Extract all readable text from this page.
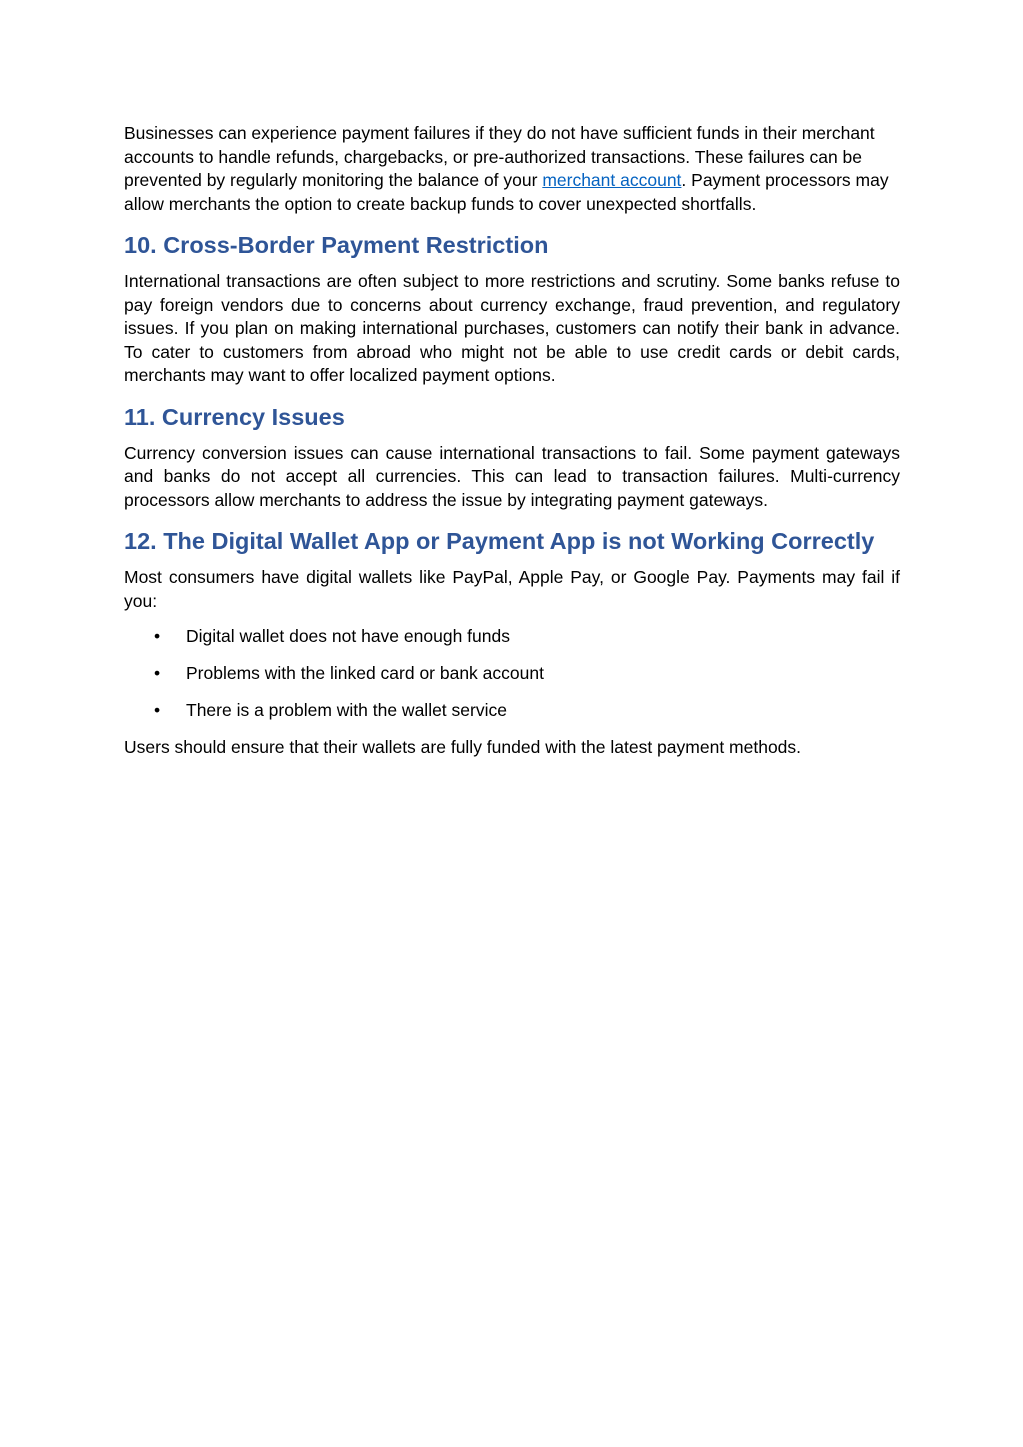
Businesses can experience payment failures if they do not have sufficient funds in their merchant accounts to handle refunds, chargebacks, or pre-authorized transactions. These failures can be prevented by regularly monitoring the balance of your merchant account. Payment processors may allow merchants the option to create backup funds to cover unexpected shortfalls.

10. Cross-Border Payment Restriction

International transactions are often subject to more restrictions and scrutiny. Some banks refuse to pay foreign vendors due to concerns about currency exchange, fraud prevention, and regulatory issues. If you plan on making international purchases, customers can notify their bank in advance. To cater to customers from abroad who might not be able to use credit cards or debit cards, merchants may want to offer localized payment options.

11. Currency Issues

Currency conversion issues can cause international transactions to fail. Some payment gateways and banks do not accept all currencies. This can lead to transaction failures. Multi-currency processors allow merchants to address the issue by integrating payment gateways.

12. The Digital Wallet App or Payment App is not Working Correctly

Most consumers have digital wallets like PayPal, Apple Pay, or Google Pay. Payments may fail if you:

• Digital wallet does not have enough funds
• Problems with the linked card or bank account
• There is a problem with the wallet service

Users should ensure that their wallets are fully funded with the latest payment methods.
